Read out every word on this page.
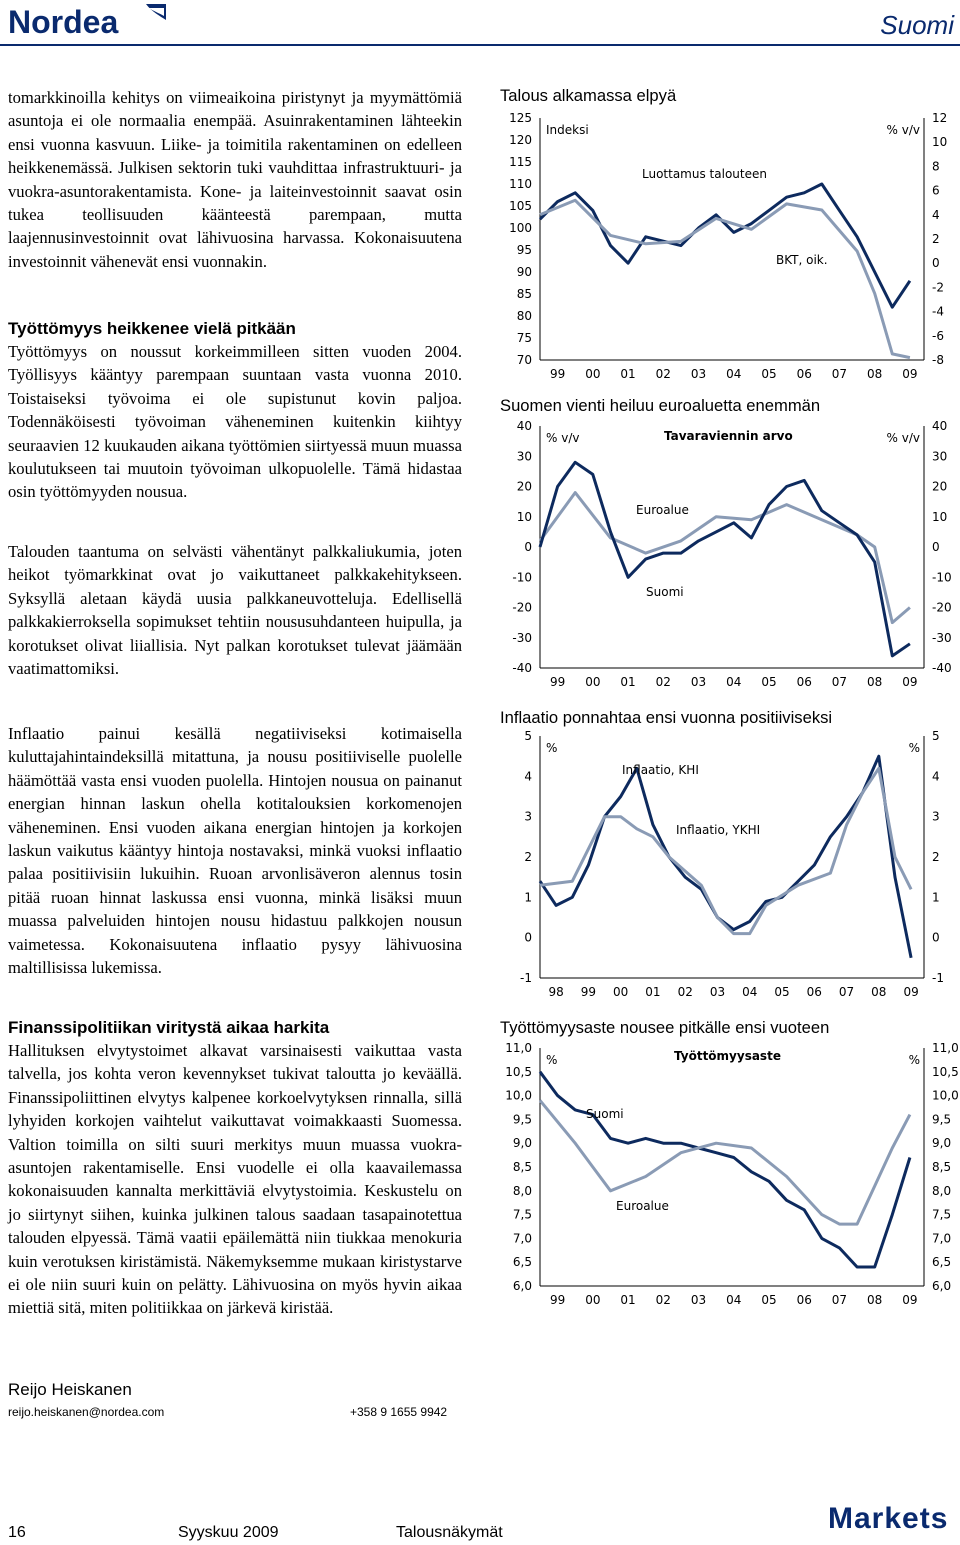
Nordea	Suomi

tomarkkinoilla kehitys on viimeaikoina piristynyt ja myymättömiä asuntoja ei ole normaalia enempää. Asuinrakentaminen lähteekin ensi vuonna kasvuun. Liike- ja toimitila rakentaminen on edelleen heikkenemässä. Julkisen sektorin tuki vauhdittaa infrastruktuuri- ja vuokra-asuntorakentamista. Kone- ja laiteinvestoinnit saavat osin tukea teollisuuden käänteestä parempaan, mutta laajennusinvestoinnit ovat lähivuosina harvassa. Kokonaisuutena investoinnit vähenevät ensi vuonnakin.

Työttömyys heikkenee vielä pitkään

Työttömyys on noussut korkeimmilleen sitten vuoden 2004. Työllisyys kääntyy parempaan suuntaan vasta vuonna 2010. Toistaiseksi työvoima ei ole supistunut kovin paljoa. Todennäköisesti työvoiman väheneminen kuitenkin kiihtyy seuraavien 12 kuukauden aikana työttömien siirtyessä muun muassa koulutukseen tai muutoin työvoiman ulkopuolelle. Tämä hidastaa osin työttömyyden nousua.

Talouden taantuma on selvästi vähentänyt palkkaliukumia, joten heikot työmarkkinat ovat jo vaikuttaneet palkkakehitykseen. Syksyllä aletaan käydä uusia palkkaneuvotteluja. Edellisellä palkkakierroksella sopimukset tehtiin noususuhdanteen huipulla, ja korotukset olivat liiallisia. Nyt palkan korotukset tulevat jäämään vaatimattomiksi.

Inflaatio painui kesällä negatiiviseksi kotimaisella kuluttajahintaindeksillä mitattuna, ja nousu positiiviselle puolelle häämöttää vasta ensi vuoden puolella. Hintojen nousua on painanut energian hinnan laskun ohella kotitalouksien korkomenojen väheneminen. Ensi vuoden aikana energian hintojen ja korkojen laskun vaikutus kääntyy hintoja nostavaksi, minkä vuoksi inflaatio palaa positiivisiin lukuihin. Ruoan arvonlisäveron alennus tosin pitää ruoan hinnat laskussa ensi vuonna, minkä lisäksi muun muassa palveluiden hintojen nousu hidastuu palkkojen nousun vaimetessa. Kokonaisuutena inflaatio pysyy lähivuosina maltillisissa lukemissa.

Finanssipolitiikan viritystä aikaa harkita

Hallituksen elvytystoimet alkavat varsinaisesti vaikuttaa vasta talvella, jos kohta veron kevennykset tukivat taloutta jo keväällä. Finanssipoliittinen elvytys kalpenee korkoelvytyksen rinnalla, sillä lyhyiden korkojen vaihtelut vaikuttavat voimakkaasti Suomessa. Valtion toimilla on silti suuri merkitys muun muassa vuokra-asuntojen rakentamiselle. Ensi vuodelle ei olla kaavailemassa kokonaisuuden kannalta merkittäviä elvytystoimia. Keskustelu on jo siirtynyt siihen, kuinka julkinen talous saadaan tasapainotettua talouden elpyessä. Tämä vaatii epäilemättä niin tiukkaa menokuria kuin verotuksen kiristämistä. Näkemyksemme mukaan kiristystarve ei ole niin suuri kuin on pelätty. Lähivuosina on myös hyvin aikaa miettiä sitä, miten politiikkaa on järkevä kiristää.

Reijo Heiskanen
reijo.heiskanen@nordea.com	+358 9 1655 9942
Talous alkamassa elpyä
125
120
115
110
105
100
95
90
85
80
75
70
12
10
8
6
4
2
0
-2
-4
-6
-8
99 00 01 02 03 04 05 06 07 08 09
Indeksi	% v/v
Luottamus talouteen
BKT, oik.
Suomen vienti heiluu euroaluetta enemmän
40
30
20
10
0
-10
-20
-30
-40
40
30
20
10
0
-10
-20
-30
-40
99 00 01 02 03 04 05 06 07 08 09
% v/v	% v/v
Tavaraviennin arvo
Euroalue
Suomi
Inflaatio ponnahtaa ensi vuonna positiiviseksi
5
4
3
2
1
0
-1
5
4
3
2
1
0
-1
98 99 00 01 02 03 04 05 06 07 08 09
%	%
Inflaatio, KHI
Inflaatio, YKHI
Työttömyysaste nousee pitkälle ensi vuoteen
11,0
10,5
10,0
9,5
9,0
8,5
8,0
7,5
7,0
6,5
6,0
11,0
10,5
10,0
9,5
9,0
8,5
8,0
7,5
7,0
6,5
6,0
99 00 01 02 03 04 05 06 07 08 09
%	%
Työttömyysaste
Suomi
Euroalue
16	Syyskuu 2009	Talousnäkymät	Markets
